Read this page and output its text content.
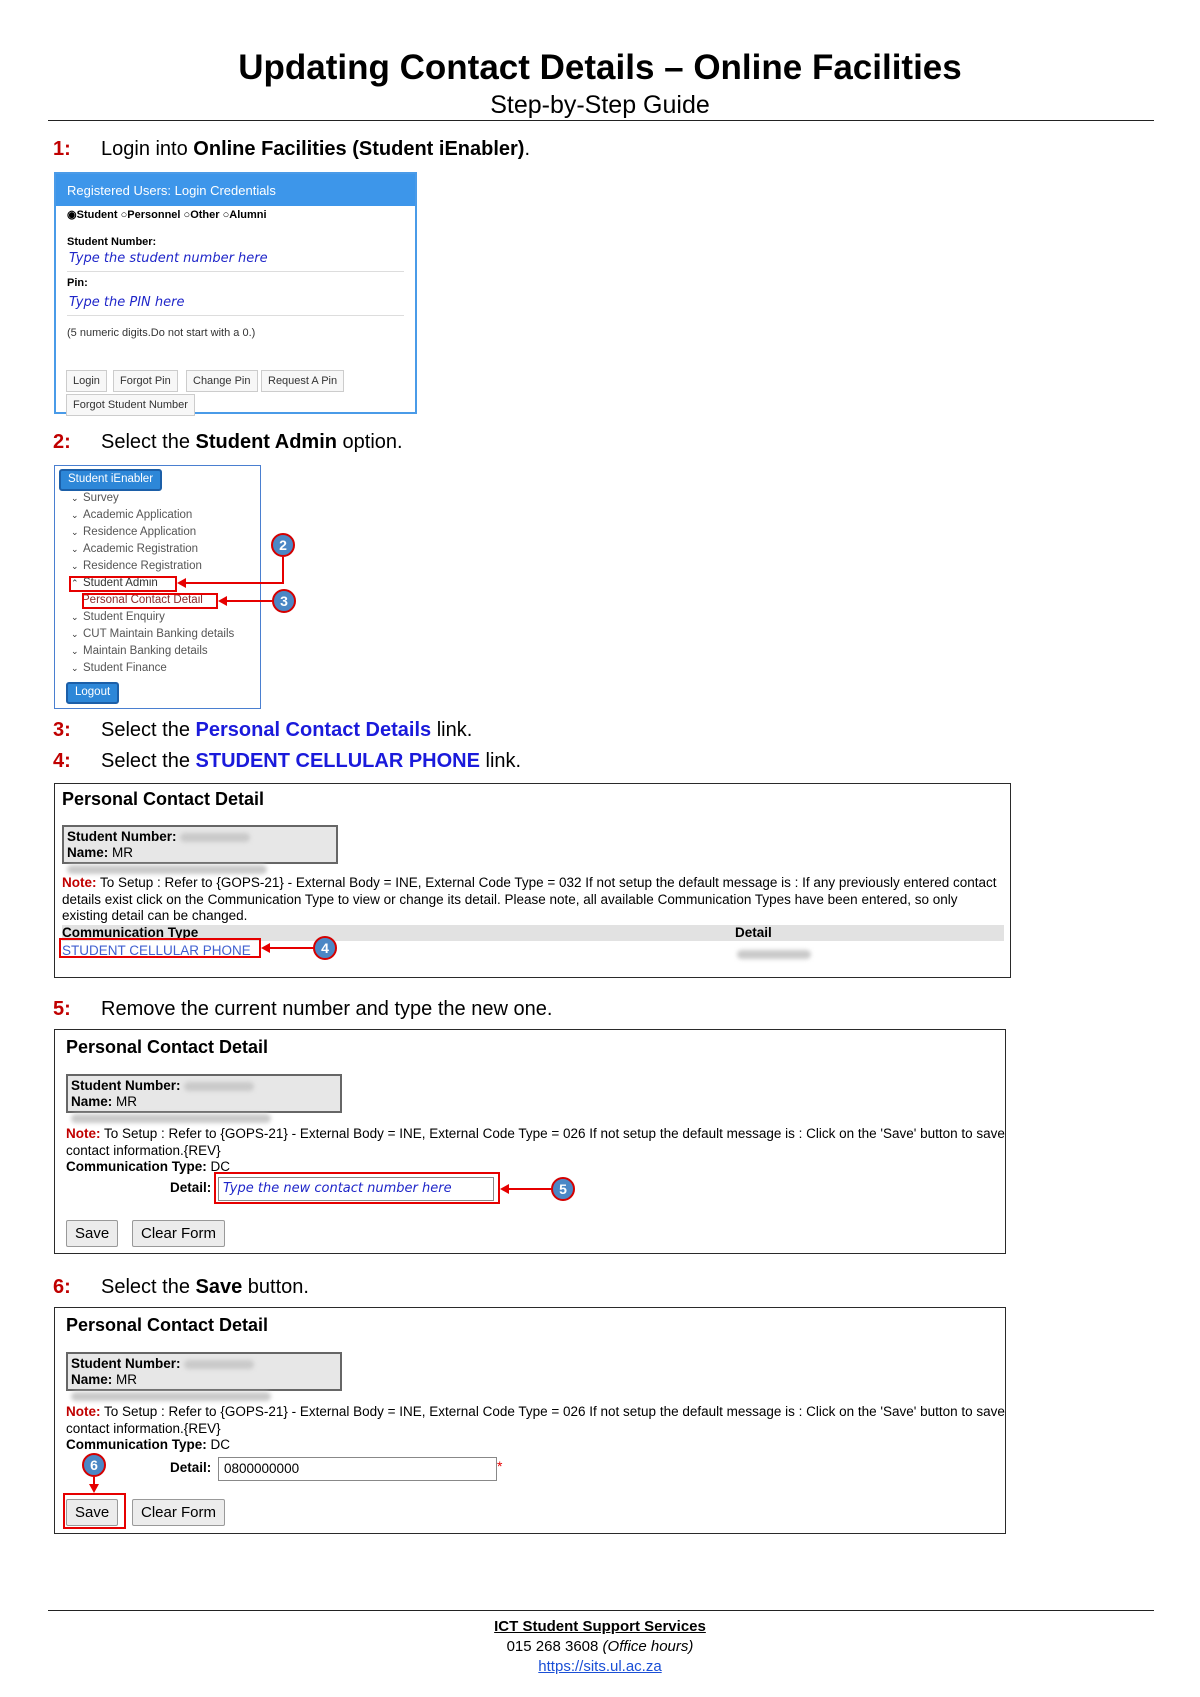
Updating Contact Details – Online Facilities
Step-by-Step Guide
1: Login into Online Facilities (Student iEnabler).
Registered Users: Login Credentials
◉Student ○Personnel ○Other ○Alumni
Student Number:
Type the student number here
Pin:
Type the PIN here
(5 numeric digits.Do not start with a 0.)
Login	Forgot Pin	Change Pin	Request A Pin
Forgot Student Number
2: Select the Student Admin option.
Student iEnabler
⌄ Survey
⌄ Academic Application
⌄ Residence Application
⌄ Academic Registration
⌄ Residence Registration
⌃ Student Admin
Personal Contact Detail
⌄ Student Enquiry
⌄ CUT Maintain Banking details
⌄ Maintain Banking details
⌄ Student Finance
Logout
2
3
3: Select the Personal Contact Details link.
4: Select the STUDENT CELLULAR PHONE link.
Personal Contact Detail
Student Number:
Name: MR
Note: To Setup : Refer to {GOPS-21} - External Body = INE, External Code Type = 032 If not setup the default message is : If any previously entered contact details exist click on the Communication Type to view or change its detail. Please note, all available Communication Types have been entered, so only existing detail can be changed.
Communication Type	Detail
STUDENT CELLULAR PHONE	4
5: Remove the current number and type the new one.
Personal Contact Detail
Student Number:
Name: MR
Note: To Setup : Refer to {GOPS-21} - External Body = INE, External Code Type = 026 If not setup the default message is : Click on the 'Save' button to save contact information.{REV}
Communication Type: DC
Detail: Type the new contact number here
Save	Clear Form
5
6: Select the Save button.
Personal Contact Detail
Student Number:
Name: MR
Note: To Setup : Refer to {GOPS-21} - External Body = INE, External Code Type = 026 If not setup the default message is : Click on the 'Save' button to save contact information.{REV}
Communication Type: DC
Detail: 0800000000	*
Save	Clear Form
6
ICT Student Support Services
015 268 3608 (Office hours)
https://sits.ul.ac.za
